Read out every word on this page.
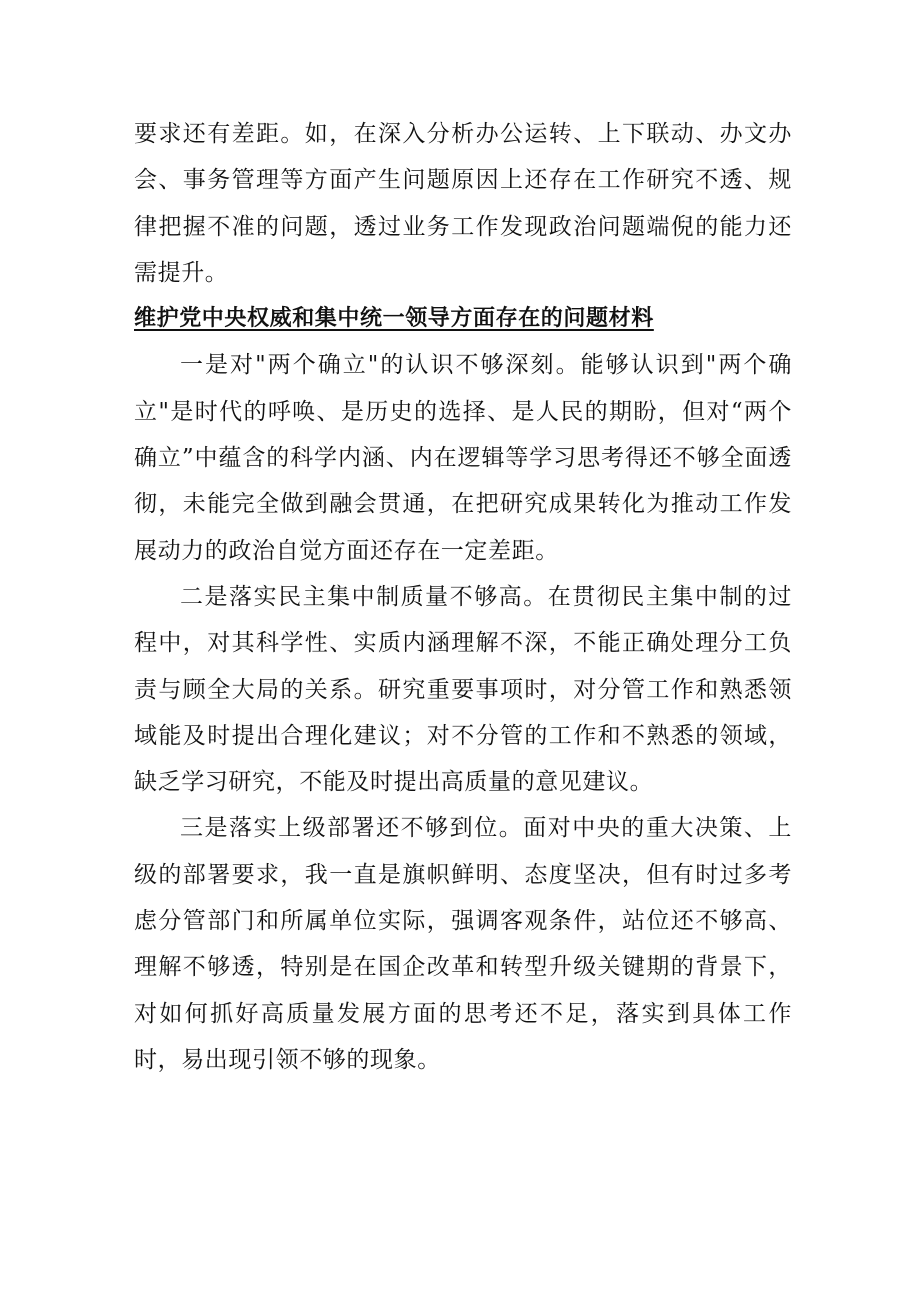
要求还有差距。如，在深入分析办公运转、上下联动、办文办会、事务管理等方面产生问题原因上还存在工作研究不透、规律把握不准的问题，透过业务工作发现政治问题端倪的能力还需提升。

维护党中央权威和集中统一领导方面存在的问题材料

一是对"两个确立"的认识不够深刻。能够认识到"两个确立"是时代的呼唤、是历史的选择、是人民的期盼，但对“两个确立”中蕴含的科学内涵、内在逻辑等学习思考得还不够全面透彻，未能完全做到融会贯通，在把研究成果转化为推动工作发展动力的政治自觉方面还存在一定差距。

二是落实民主集中制质量不够高。在贯彻民主集中制的过程中，对其科学性、实质内涵理解不深，不能正确处理分工负责与顾全大局的关系。研究重要事项时，对分管工作和熟悉领域能及时提出合理化建议；对不分管的工作和不熟悉的领域，缺乏学习研究，不能及时提出高质量的意见建议。

三是落实上级部署还不够到位。面对中央的重大决策、上级的部署要求，我一直是旗帜鲜明、态度坚决，但有时过多考虑分管部门和所属单位实际，强调客观条件，站位还不够高、理解不够透，特别是在国企改革和转型升级关键期的背景下，对如何抓好高质量发展方面的思考还不足，落实到具体工作时，易出现引领不够的现象。
